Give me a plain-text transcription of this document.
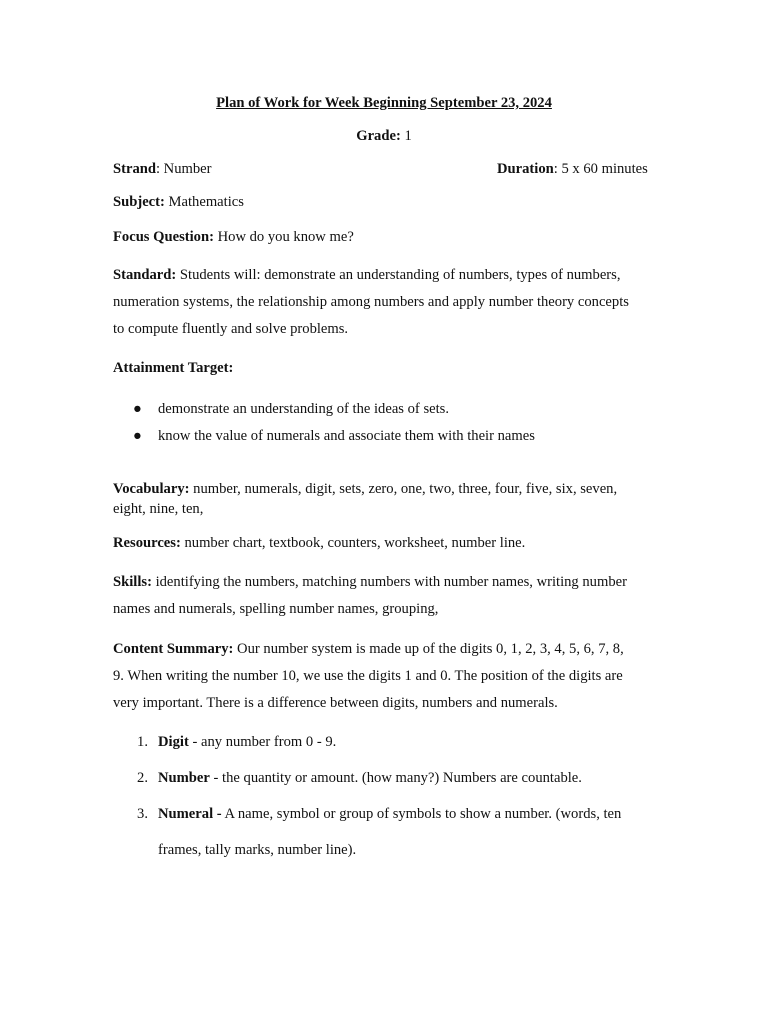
Plan of Work for Week Beginning September 23, 2024
Grade: 1
Strand: Number	Duration: 5 x 60 minutes
Subject: Mathematics
Focus Question: How do you know me?
Standard: Students will: demonstrate an understanding of numbers, types of numbers,
numeration systems, the relationship among numbers and apply number theory concepts
to compute fluently and solve problems.
Attainment Target:
●	demonstrate an understanding of the ideas of sets.
●	know the value of numerals and associate them with their names
Vocabulary: number, numerals, digit, sets, zero, one, two, three, four, five, six, seven,
eight, nine, ten,
Resources: number chart, textbook, counters, worksheet, number line.
Skills: identifying the numbers, matching numbers with number names, writing number
names and numerals, spelling number names, grouping,
Content Summary: Our number system is made up of the digits 0, 1, 2, 3, 4, 5, 6, 7, 8,
9. When writing the number 10, we use the digits 1 and 0. The position of the digits are
very important. There is a difference between digits, numbers and numerals.
1. Digit - any number from 0 - 9.
2. Number - the quantity or amount. (how many?) Numbers are countable.
3. Numeral - A name, symbol or group of symbols to show a number. (words, ten
frames, tally marks, number line).
